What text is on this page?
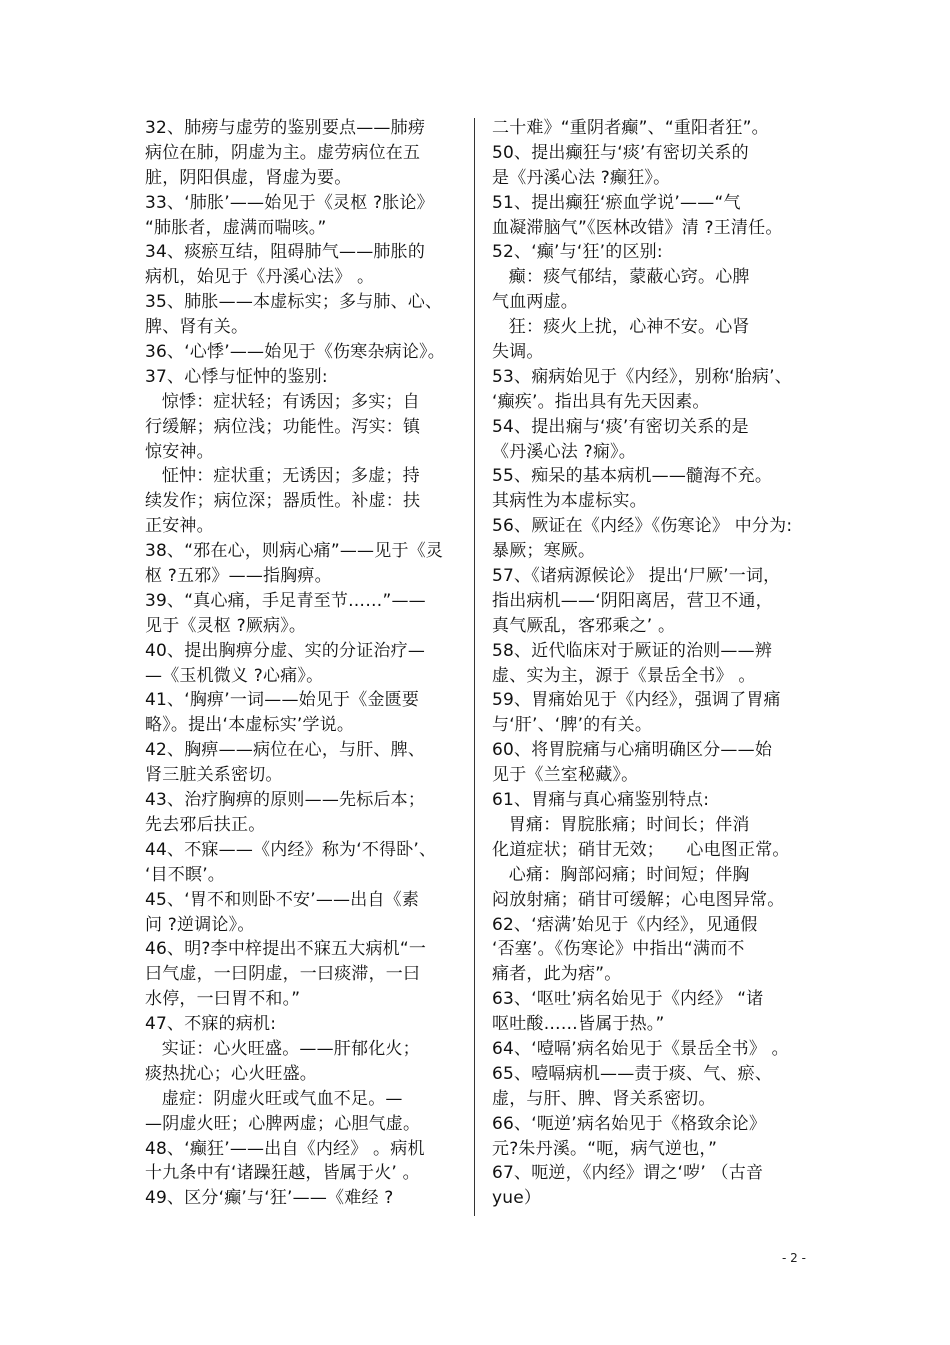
32、肺痨与虚劳的鉴别要点——肺痨
病位在肺，阴虚为主。虚劳病位在五
脏，阴阳俱虚，肾虚为要。
33、‘肺胀’——始见于《灵枢 ?胀论》
“肺胀者，虚满而喘咳。”
34、痰瘀互结，阻碍肺气——肺胀的
病机，始见于《丹溪心法》 。
35、肺胀——本虚标实；多与肺、心、
脾、肾有关。
36、‘心悸’——始见于《伤寒杂病论》。
37、心悸与怔忡的鉴别:
惊悸：症状轻；有诱因；多实；自
行缓解；病位浅；功能性。泻实：镇
惊安神。
怔忡：症状重；无诱因；多虚；持
续发作；病位深；器质性。补虚：扶
正安神。
38、“邪在心，则病心痛”——见于《灵
枢 ?五邪》——指胸痹。
39、“真心痛，手足青至节……”——
见于《灵枢 ?厥病》。
40、提出胸痹分虚、实的分证治疗—
—《玉机微义 ?心痛》。
41、‘胸痹’一词——始见于《金匮要
略》。提出‘本虚标实’学说。
42、胸痹——病位在心，与肝、脾、
肾三脏关系密切。
43、治疗胸痹的原则——先标后本；
先去邪后扶正。
44、不寐——《内经》称为‘不得卧’、
‘目不瞑’。
45、‘胃不和则卧不安’——出自《素
问 ?逆调论》。
46、明?李中梓提出不寐五大病机“一
曰气虚，一曰阴虚，一曰痰滞，一曰
水停，一曰胃不和。”
47、不寐的病机:
实证：心火旺盛。——肝郁化火；
痰热扰心；心火旺盛。
虚症：阴虚火旺或气血不足。—
—阴虚火旺；心脾两虚；心胆气虚。
48、‘癫狂’——出自《内经》 。病机
十九条中有‘诸躁狂越，皆属于火’ 。
49、区分‘癫’与‘狂’——《难经 ?
二十难》“重阴者癫”、“重阳者狂”。
50、提出癫狂与‘痰’有密切关系的
是《丹溪心法 ?癫狂》。
51、提出癫狂‘瘀血学说’——“气
血凝滞脑气”《医林改错》清 ?王清任。
52、‘癫’与‘狂’的区别:
癫：痰气郁结，蒙蔽心窍。心脾
气血两虚。
狂：痰火上扰，心神不安。心肾
失调。
53、痫病始见于《内经》，别称‘胎病’、
‘癫疾’。指出具有先天因素。
54、提出痫与‘痰’有密切关系的是
《丹溪心法 ?痫》。
55、痴呆的基本病机——髓海不充。
其病性为本虚标实。
56、厥证在《内经》《伤寒论》 中分为:
暴厥；寒厥。
57、《诸病源候论》 提出‘尸厥’一词，
指出病机——‘阴阳离居，营卫不通，
真气厥乱，客邪乘之’ 。
58、近代临床对于厥证的治则——辨
虚、实为主，源于《景岳全书》 。
59、胃痛始见于《内经》，强调了胃痛
与‘肝’、‘脾’的有关。
60、将胃脘痛与心痛明确区分——始
见于《兰室秘藏》。
61、胃痛与真心痛鉴别特点:
胃痛：胃脘胀痛；时间长；伴消
化道症状；硝甘无效；    心电图正常。
心痛：胸部闷痛；时间短；伴胸
闷放射痛；硝甘可缓解；心电图异常。
62、‘痞满’始见于《内经》，见通假
‘否塞’。《伤寒论》中指出“满而不
痛者，此为痞”。
63、‘呕吐’病名始见于《内经》 “诸
呕吐酸……皆属于热。”
64、‘噎嗝’病名始见于《景岳全书》 。
65、噎嗝病机——责于痰、气、瘀、
虚，与肝、脾、肾关系密切。
66、‘呃逆’病名始见于《格致余论》
元?朱丹溪。“呃，病气逆也，”
67、呃逆，《内经》谓之‘哕’ （古音
yue）
- 2 -
